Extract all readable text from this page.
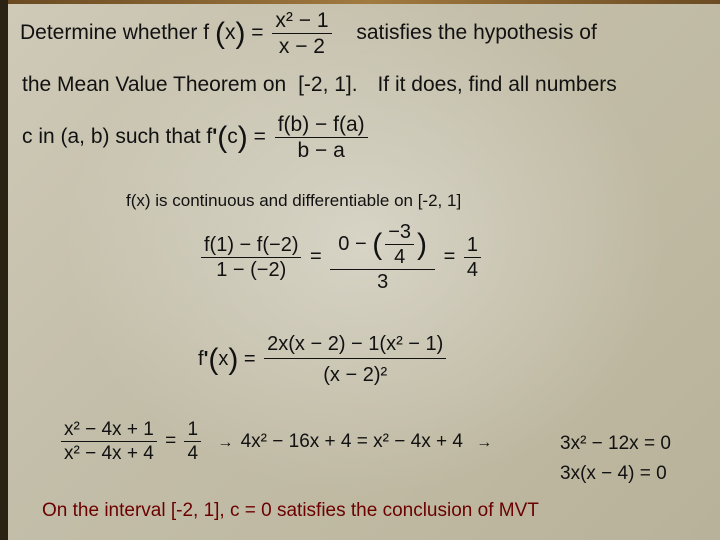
Determine whether f $(x) = \frac{\text{x² − 1}}{x - 2}$ satisfies the hypothesis of
the Mean Value Theorem on [-2, 1]. If it does, find all numbers
c in (a, b) such that $f'(c) = \frac{f(b) - f(a)}{b - a}$
f(x) is continuous and differentiable on [-2, 1]
$\frac{f(1) - f(-2)}{1 - (-2)} = \frac{0 - ( \frac{-3}{4} )}{3} = \frac{1}{4}$
$f'(x) = \frac{\text{2x(x − 2) − 1(x² − 1)}}{\text{(x − 2)²}}$
$\frac{\text{x² − 4x + 1}}{\text{x² − 4x + 4}} = \frac{1}{4} \to 4x^2 - 16x + 4 = x^2 - 4x + 4$ →	3x² − 12x = 0
3x(x − 4) = 0
On the interval [-2, 1], c = 0 satisfies the conclusion of MVT
